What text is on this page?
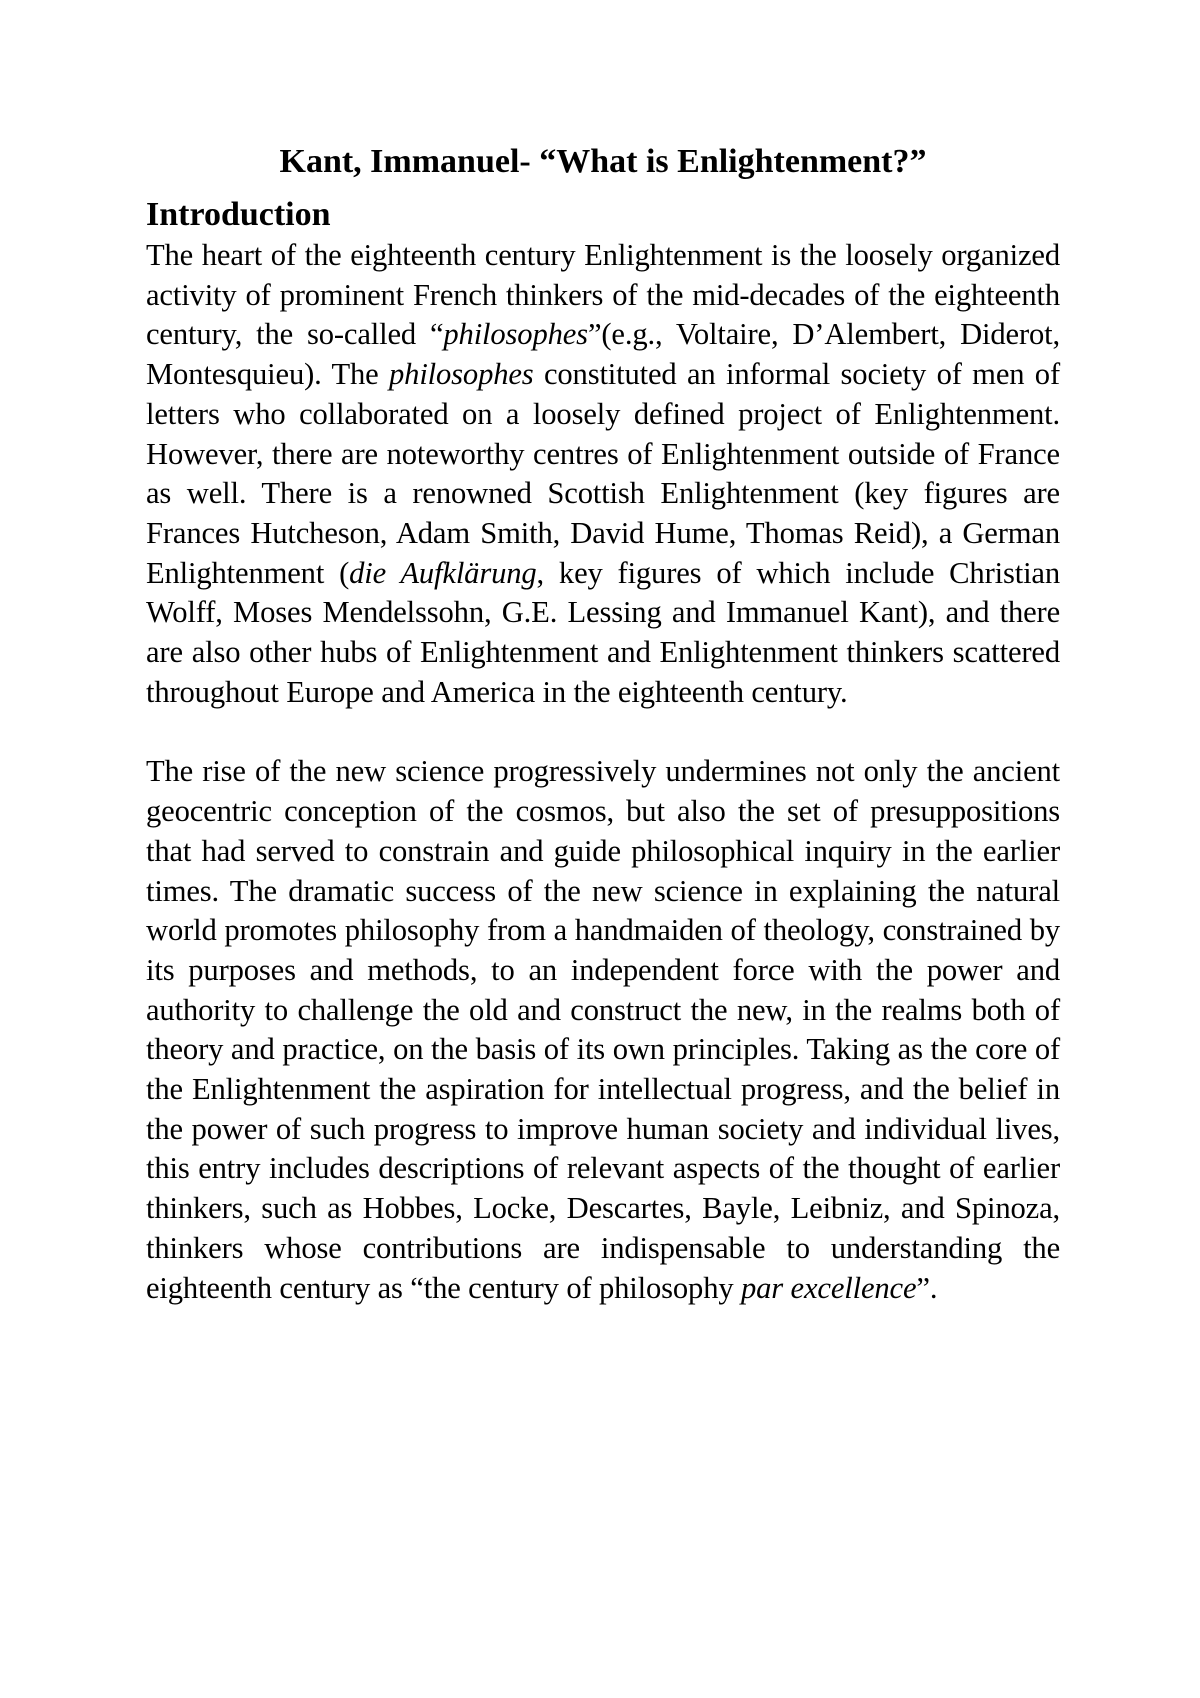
Kant, Immanuel- “What is Enlightenment?”
Introduction

The heart of the eighteenth century Enlightenment is the loosely organized activity of prominent French thinkers of the mid-decades of the eighteenth century, the so-called “philosophes”(e.g., Voltaire, D’Alembert, Diderot, Montesquieu). The philosophes constituted an informal society of men of letters who collaborated on a loosely defined project of Enlightenment. However, there are noteworthy centres of Enlightenment outside of France as well. There is a renowned Scottish Enlightenment (key figures are Frances Hutcheson, Adam Smith, David Hume, Thomas Reid), a German Enlightenment (die Aufklärung, key figures of which include Christian Wolff, Moses Mendelssohn, G.E. Lessing and Immanuel Kant), and there are also other hubs of Enlightenment and Enlightenment thinkers scattered throughout Europe and America in the eighteenth century.

The rise of the new science progressively undermines not only the ancient geocentric conception of the cosmos, but also the set of presuppositions that had served to constrain and guide philosophical inquiry in the earlier times. The dramatic success of the new science in explaining the natural world promotes philosophy from a handmaiden of theology, constrained by its purposes and methods, to an independent force with the power and authority to challenge the old and construct the new, in the realms both of theory and practice, on the basis of its own principles. Taking as the core of the Enlightenment the aspiration for intellectual progress, and the belief in the power of such progress to improve human society and individual lives, this entry includes descriptions of relevant aspects of the thought of earlier thinkers, such as Hobbes, Locke, Descartes, Bayle, Leibniz, and Spinoza, thinkers whose contributions are indispensable to understanding the eighteenth century as “the century of philosophy par excellence”.
